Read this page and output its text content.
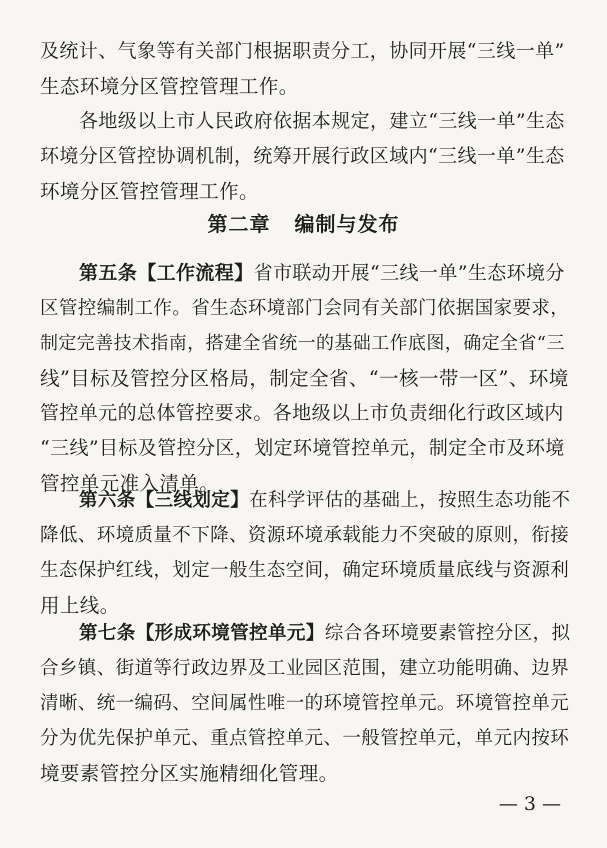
及统计、气象等有关部门根据职责分工，协同开展“三线一单”
生态环境分区管控管理工作。

各地级以上市人民政府依据本规定，建立“三线一单”生态
环境分区管控协调机制，统筹开展行政区域内“三线一单”生态
环境分区管控管理工作。

第二章 编制与发布

第五条【工作流程】省市联动开展“三线一单”生态环境分
区管控编制工作。省生态环境部门会同有关部门依据国家要求，
制定完善技术指南，搭建全省统一的基础工作底图，确定全省“三
线”目标及管控分区格局，制定全省、“一核一带一区”、环境
管控单元的总体管控要求。各地级以上市负责细化行政区域内
“三线”目标及管控分区，划定环境管控单元，制定全市及环境
管控单元准入清单。

第六条【三线划定】在科学评估的基础上，按照生态功能不
降低、环境质量不下降、资源环境承载能力不突破的原则，衔接
生态保护红线，划定一般生态空间，确定环境质量底线与资源利
用上线。

第七条【形成环境管控单元】综合各环境要素管控分区，拟
合乡镇、街道等行政边界及工业园区范围，建立功能明确、边界
清晰、统一编码、空间属性唯一的环境管控单元。环境管控单元
分为优先保护单元、重点管控单元、一般管控单元，单元内按环
境要素管控分区实施精细化管理。

— 3 —
